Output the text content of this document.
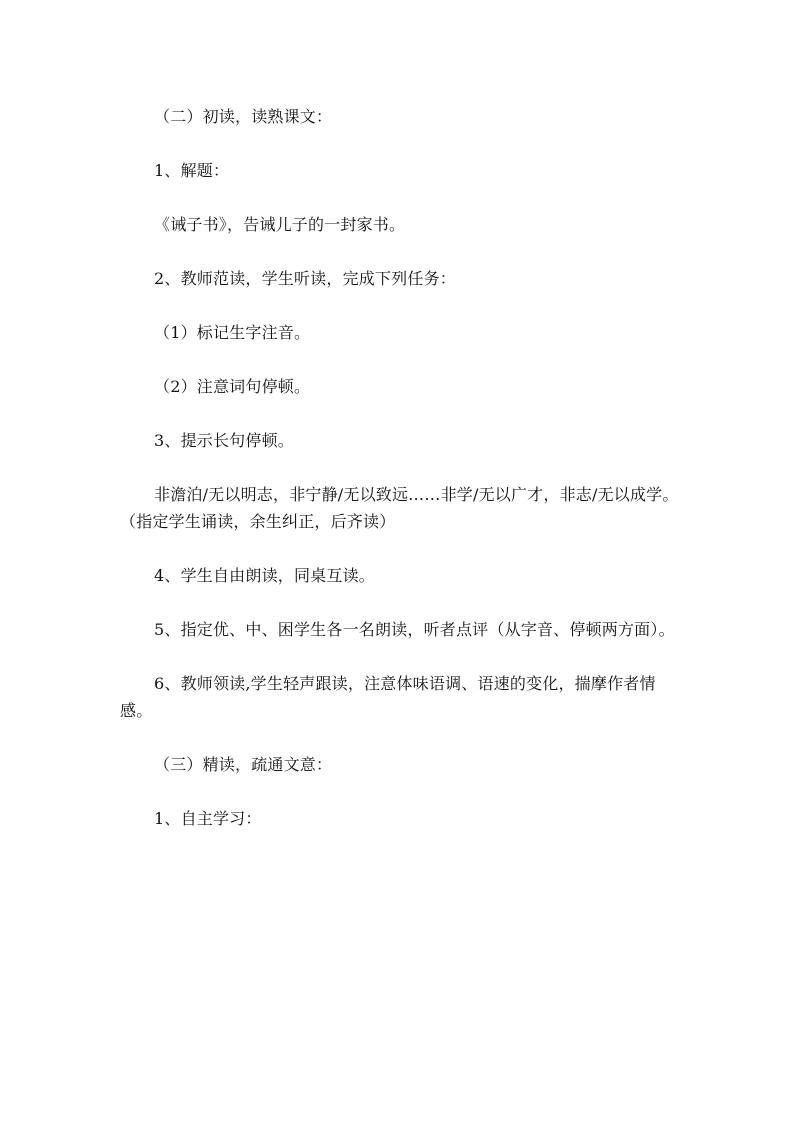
（二）初读，读熟课文：

1、解题：

《诫子书》，告诫儿子的一封家书。

2、教师范读，学生听读，完成下列任务：

（1）标记生字注音。

（2）注意词句停顿。

3、提示长句停顿。

非澹泊/无以明志，非宁静/无以致远……非学/无以广才，非志/无以成学。（指定学生诵读，余生纠正，后齐读）

4、学生自由朗读，同桌互读。

5、指定优、中、困学生各一名朗读，听者点评（从字音、停顿两方面）。

6、教师领读,学生轻声跟读，注意体味语调、语速的变化，揣摩作者情感。

（三）精读，疏通文意：

1、自主学习：
